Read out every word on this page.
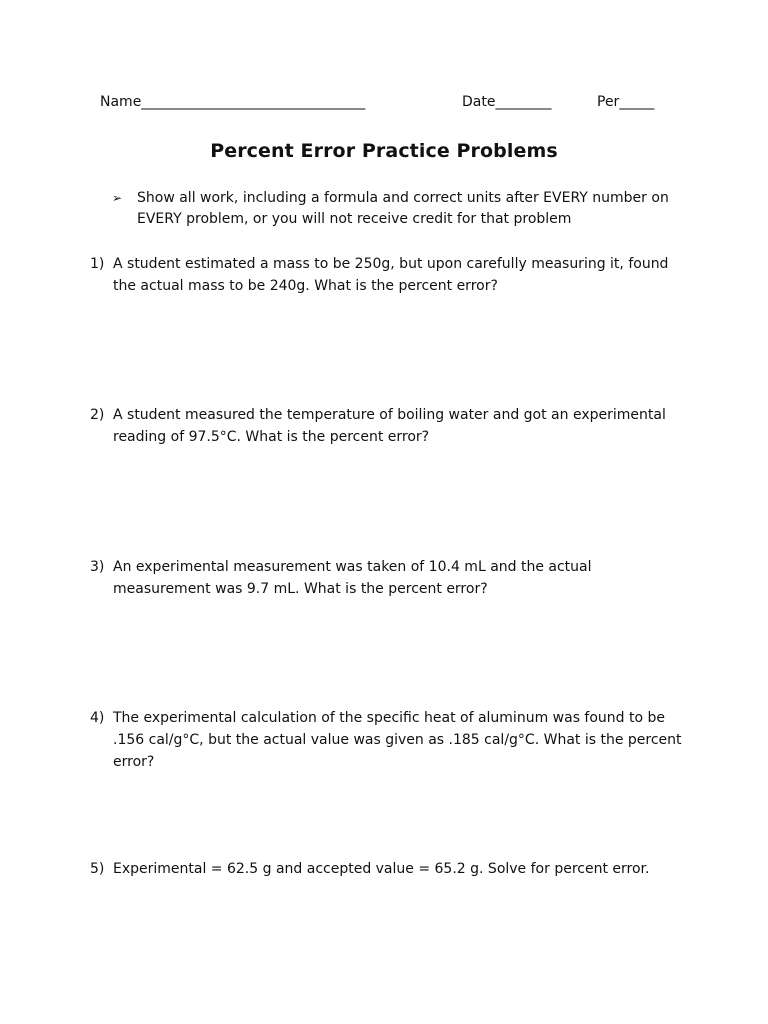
Name________________________________	Date________	Per_____
Percent Error Practice Problems
➢ Show all work, including a formula and correct units after EVERY number on EVERY problem, or you will not receive credit for that problem
1) A student estimated a mass to be 250g, but upon carefully measuring it, found the actual mass to be 240g. What is the percent error?
2) A student measured the temperature of boiling water and got an experimental reading of 97.5°C. What is the percent error?
3) An experimental measurement was taken of 10.4 mL and the actual measurement was 9.7 mL. What is the percent error?
4) The experimental calculation of the specific heat of aluminum was found to be .156 cal/g°C, but the actual value was given as .185 cal/g°C. What is the percent error?
5) Experimental = 62.5 g and accepted value = 65.2 g. Solve for percent error.
